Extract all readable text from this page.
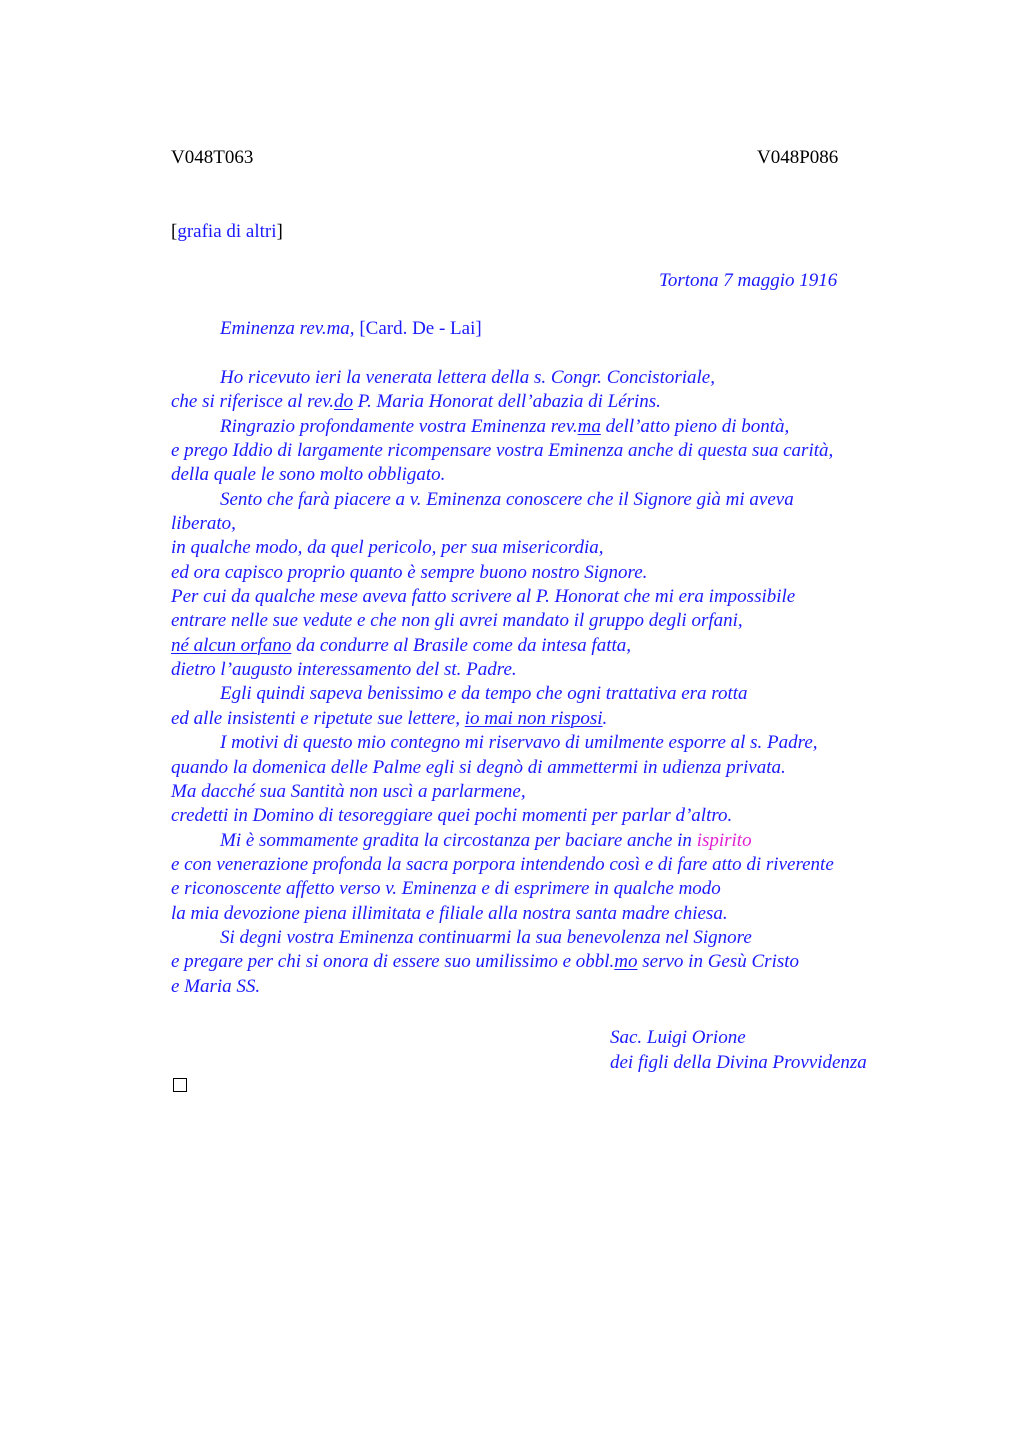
V048T063	V048P086
[grafia di altri]
Tortona 7 maggio 1916
Eminenza rev.ma, [Card. De - Lai]
Ho ricevuto ieri la venerata lettera della s. Congr. Concistoriale,
che si riferisce al rev.do P. Maria Honorat dell’abazia di Lérins.
Ringrazio profondamente vostra Eminenza rev.ma dell’atto pieno di bontà,
e prego Iddio di largamente ricompensare vostra Eminenza anche di questa sua carità,
della quale le sono molto obbligato.
Sento che farà piacere a v. Eminenza conoscere che il Signore già mi aveva
liberato,
in qualche modo, da quel pericolo, per sua misericordia,
ed ora capisco proprio quanto è sempre buono nostro Signore.
Per cui da qualche mese aveva fatto scrivere al P. Honorat che mi era impossibile
entrare nelle sue vedute e che non gli avrei mandato il gruppo degli orfani,
né alcun orfano da condurre al Brasile come da intesa fatta,
dietro l’augusto interessamento del st. Padre.
Egli quindi sapeva benissimo e da tempo che ogni trattativa era rotta
ed alle insistenti e ripetute sue lettere, io mai non risposi.
I motivi di questo mio contegno mi riservavo di umilmente esporre al s. Padre,
quando la domenica delle Palme egli si degnò di ammettermi in udienza privata.
Ma dacché sua Santità non uscì a parlarmene,
credetti in Domino di tesoreggiare quei pochi momenti per parlar d’altro.
Mi è sommamente gradita la circostanza per baciare anche in ispirito
e con venerazione profonda la sacra porpora intendendo così e di fare atto di riverente
e riconoscente affetto verso v. Eminenza e di esprimere in qualche modo
la mia devozione piena illimitata e filiale alla nostra santa madre chiesa.
Si degni vostra Eminenza continuarmi la sua benevolenza nel Signore
e pregare per chi si onora di essere suo umilissimo e obbl.mo servo in Gesù Cristo
e Maria SS.
Sac. Luigi Orione
dei figli della Divina Provvidenza
